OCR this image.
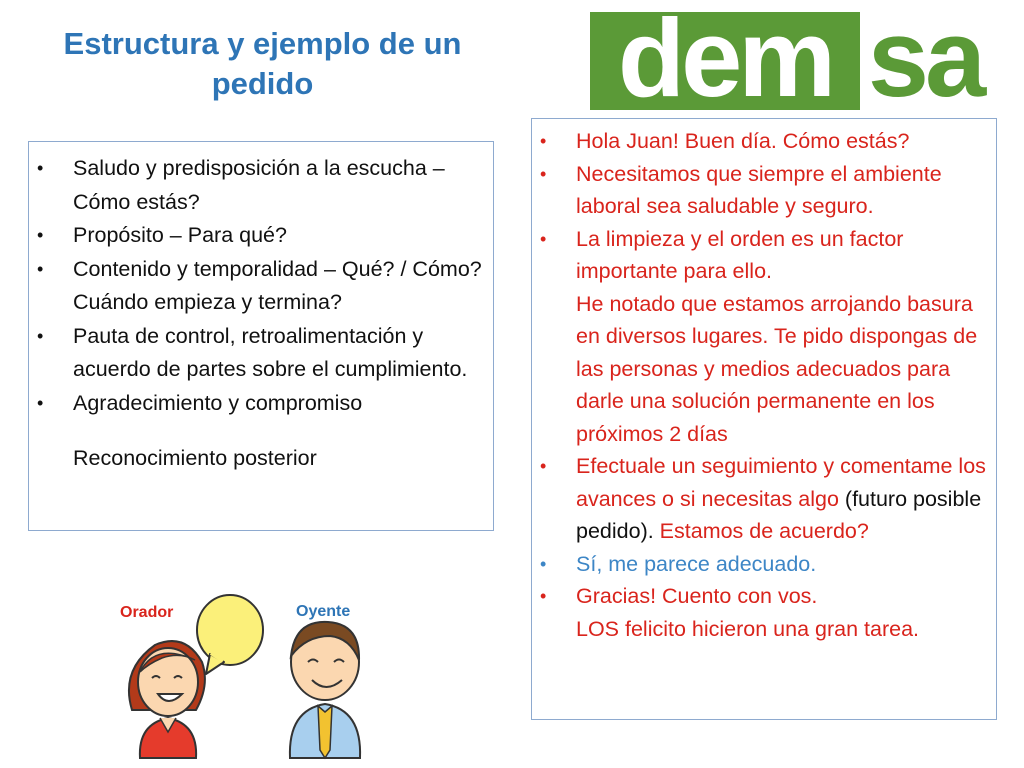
Estructura y ejemplo de un pedido	dem sa
• Saludo y predisposición a la escucha – Cómo estás?
• Propósito – Para qué?
• Contenido y temporalidad – Qué? / Cómo? Cuándo empieza y termina?
• Pauta de control, retroalimentación y acuerdo de partes sobre el cumplimiento.
• Agradecimiento y compromiso
Reconocimiento posterior
• Hola Juan! Buen día. Cómo estás?
• Necesitamos que siempre el ambiente laboral sea saludable y seguro.
• La limpieza y el orden es un factor importante para ello.
He notado que estamos arrojando basura en diversos lugares. Te pido dispongas de las personas y medios adecuados para darle una solución permanente en los próximos 2 días
• Efectuale un seguimiento y comentame los avances o si necesitas algo (futuro posible pedido). Estamos de acuerdo?
• Sí, me parece adecuado.
• Gracias! Cuento con vos.
LOS felicito hicieron una gran tarea.
Orador	Oyente
